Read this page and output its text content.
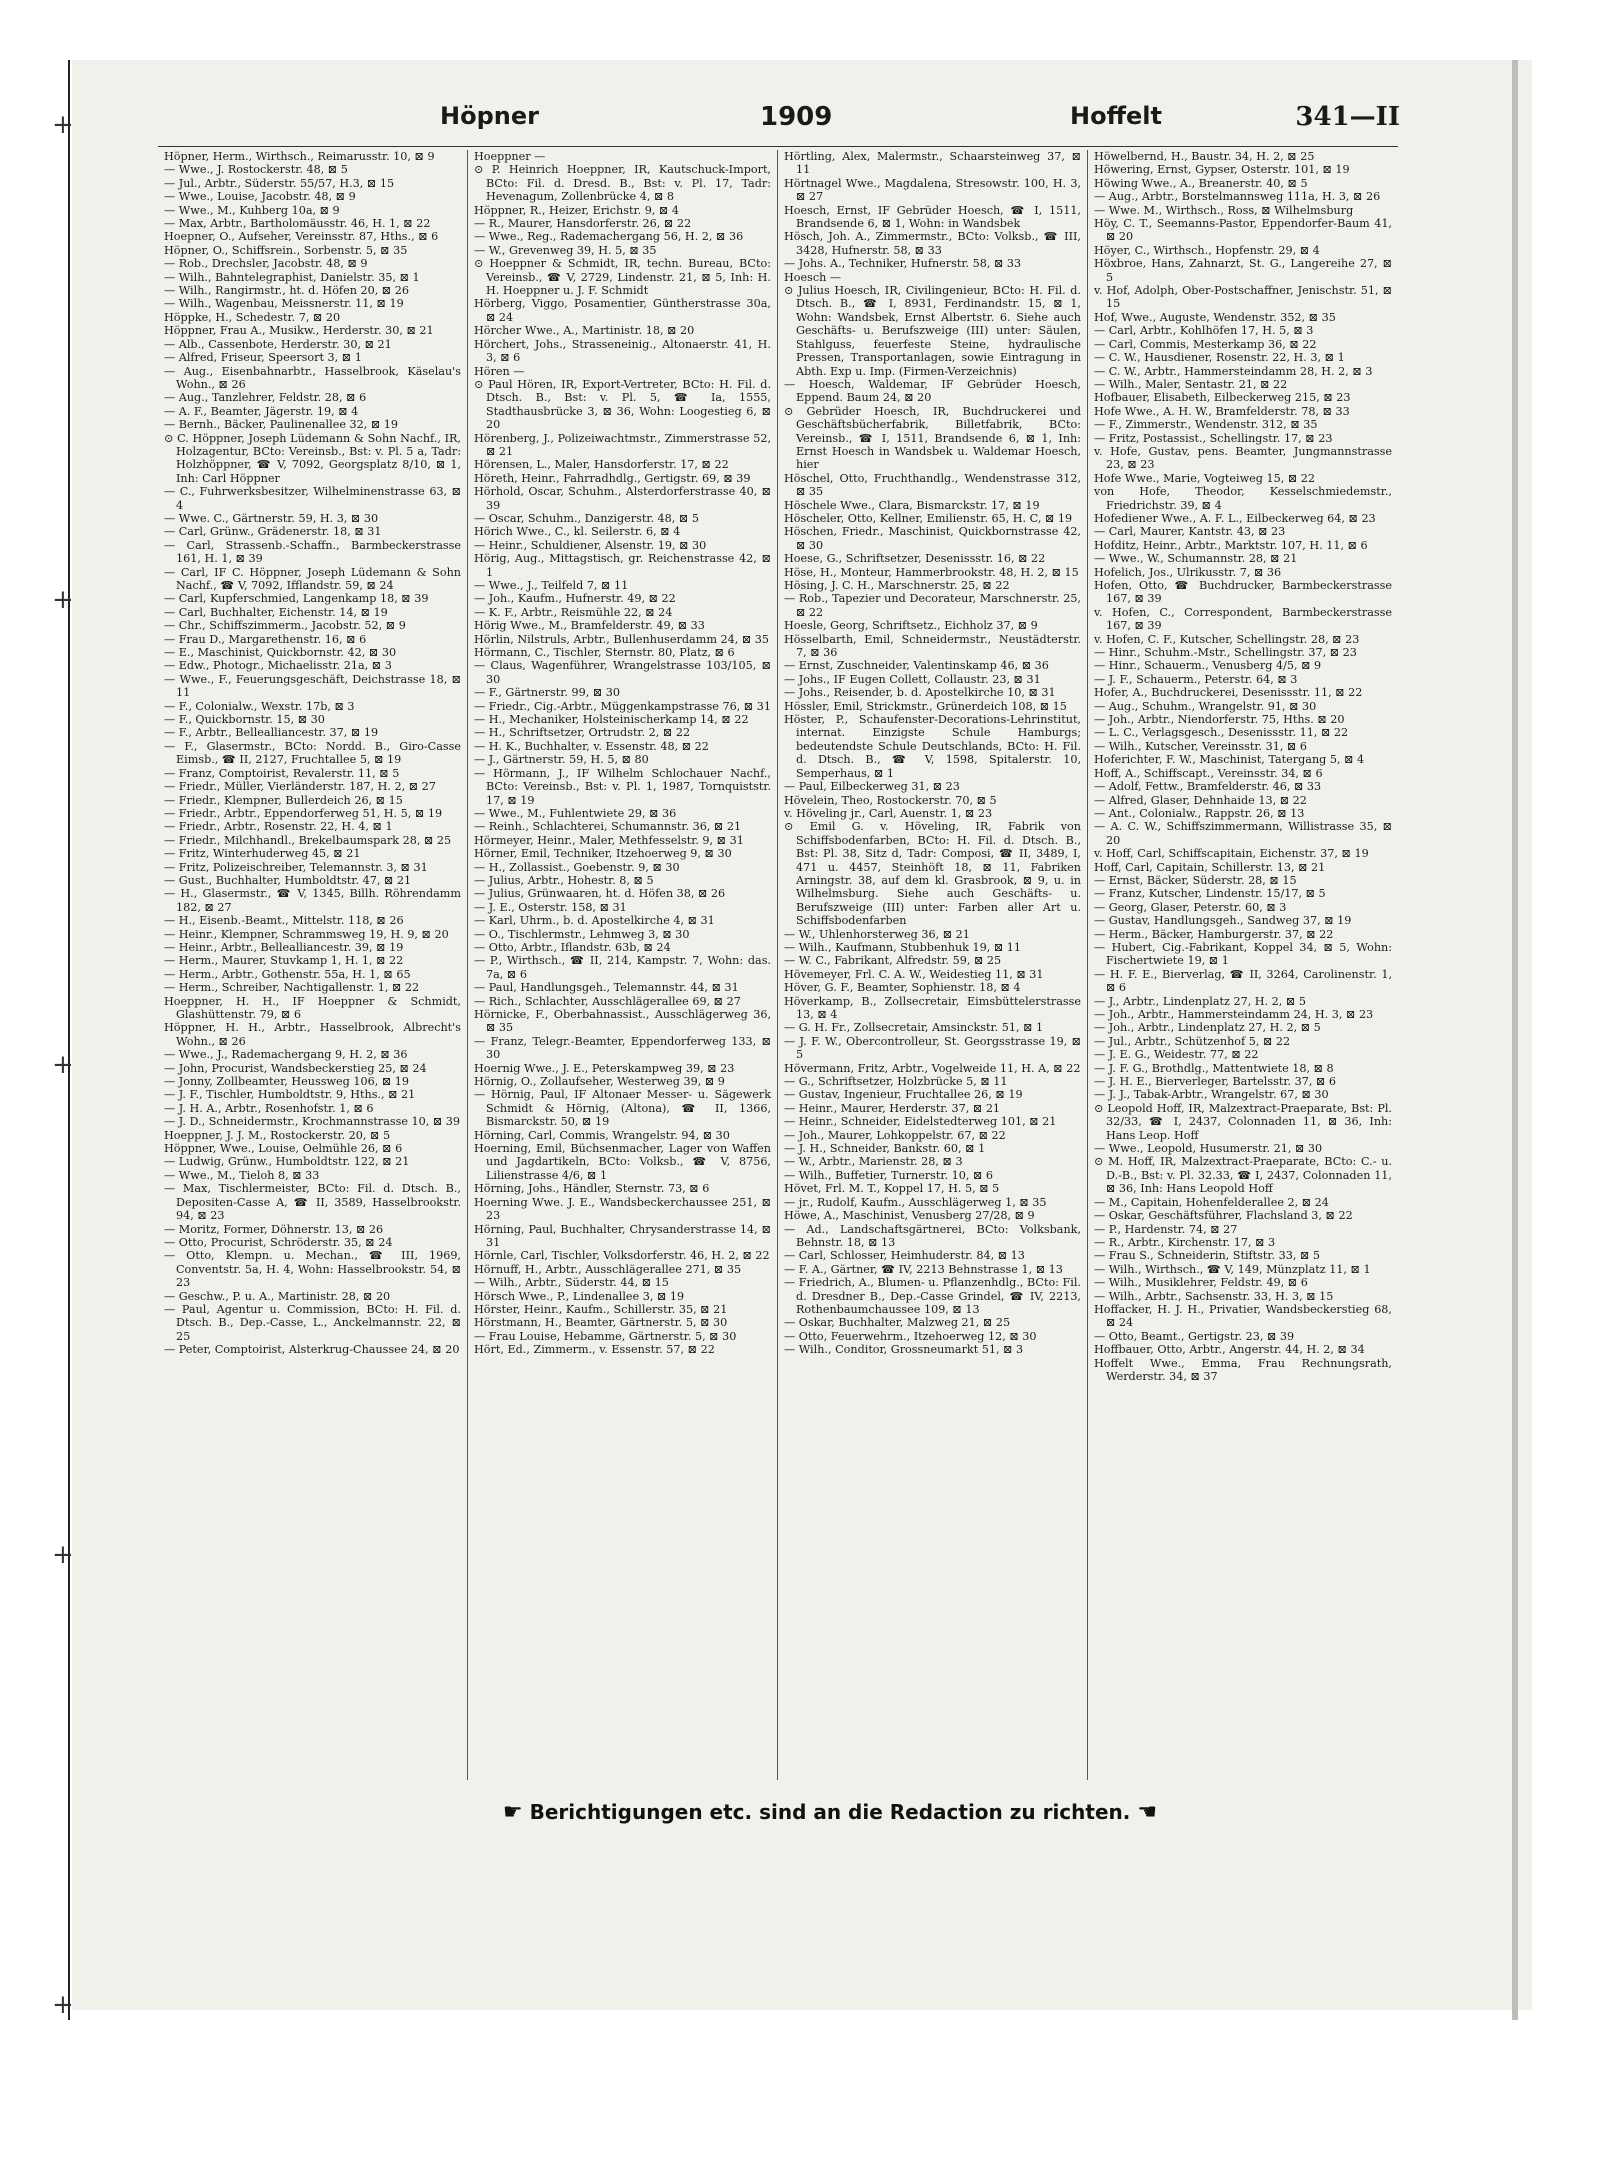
+
+
+
+
+
Höpner	1909	Hoffelt	341—II

Höpner, Herm., Wirthsch., Reimarusstr. 10, ⊠ 9

— Wwe., J. Rostockerstr. 48, ⊠ 5

— Jul., Arbtr., Süderstr. 55/57, H.3, ⊠ 15

— Wwe., Louise, Jacobstr. 48, ⊠ 9

— Wwe., M., Kuhberg 10a, ⊠ 9

— Max, Arbtr., Bartholomäusstr. 46, H. 1, ⊠ 22

Hoepner, O., Aufseher, Vereinsstr. 87, Hths., ⊠ 6

Höpner, O., Schiffsrein., Sorbenstr. 5, ⊠ 35

— Rob., Drechsler, Jacobstr. 48, ⊠ 9

— Wilh., Bahntelegraphist, Danielstr. 35, ⊠ 1

— Wilh., Rangirmstr., ht. d. Höfen 20, ⊠ 26

— Wilh., Wagenbau, Meissnerstr. 11, ⊠ 19

Höppke, H., Schedestr. 7, ⊠ 20

Höppner, Frau A., Musikw., Herderstr. 30, ⊠ 21

— Alb., Cassenbote, Herderstr. 30, ⊠ 21

— Alfred, Friseur, Speersort 3, ⊠ 1

— Aug., Eisenbahnarbtr., Hasselbrook, Käselau's Wohn., ⊠ 26

— Aug., Tanzlehrer, Feldstr. 28, ⊠ 6

— A. F., Beamter, Jägerstr. 19, ⊠ 4

— Bernh., Bäcker, Paulinenallee 32, ⊠ 19

⊙ C. Höppner, Joseph Lüdemann & Sohn Nachf., IR, Holzagentur, BCto: Vereinsb., Bst: v. Pl. 5 a, Tadr: Holzhöppner, ☎ V, 7092, Georgsplatz 8/10, ⊠ 1, Inh: Carl Höppner

— C., Fuhrwerksbesitzer, Wilhelminenstrasse 63, ⊠ 4

— Wwe. C., Gärtnerstr. 59, H. 3, ⊠ 30

— Carl, Grünw., Grädenerstr. 18, ⊠ 31

— Carl, Strassenb.-Schaffn., Barmbeckerstrasse 161, H. 1, ⊠ 39

— Carl, IF C. Höppner, Joseph Lüdemann & Sohn Nachf., ☎ V, 7092, Ifflandstr. 59, ⊠ 24

— Carl, Kupferschmied, Langenkamp 18, ⊠ 39

— Carl, Buchhalter, Eichenstr. 14, ⊠ 19

— Chr., Schiffszimmerm., Jacobstr. 52, ⊠ 9

— Frau D., Margarethenstr. 16, ⊠ 6

— E., Maschinist, Quickbornstr. 42, ⊠ 30

— Edw., Photogr., Michaelisstr. 21a, ⊠ 3

— Wwe., F., Feuerungsgeschäft, Deichstrasse 18, ⊠ 11

— F., Colonialw., Wexstr. 17b, ⊠ 3

— F., Quickbornstr. 15, ⊠ 30

— F., Arbtr., Bellealliancestr. 37, ⊠ 19

— F., Glasermstr., BCto: Nordd. B., Giro-Casse Eimsb., ☎ II, 2127, Fruchtallee 5, ⊠ 19

— Franz, Comptoirist, Revalerstr. 11, ⊠ 5

— Friedr., Müller, Vierländerstr. 187, H. 2, ⊠ 27

— Friedr., Klempner, Bullerdeich 26, ⊠ 15

— Friedr., Arbtr., Eppendorferweg 51, H. 5, ⊠ 19

— Friedr., Arbtr., Rosenstr. 22, H. 4, ⊠ 1

— Friedr., Milchhandl., Brekelbaumspark 28, ⊠ 25

— Fritz, Winterhuderweg 45, ⊠ 21

— Fritz, Polizeischreiber, Telemannstr. 3, ⊠ 31

— Gust., Buchhalter, Humboldtstr. 47, ⊠ 21

— H., Glasermstr., ☎ V, 1345, Billh. Röhrendamm 182, ⊠ 27

— H., Eisenb.-Beamt., Mittelstr. 118, ⊠ 26

— Heinr., Klempner, Schrammsweg 19, H. 9, ⊠ 20

— Heinr., Arbtr., Bellealliancestr. 39, ⊠ 19

— Herm., Maurer, Stuvkamp 1, H. 1, ⊠ 22

— Herm., Arbtr., Gothenstr. 55a, H. 1, ⊠ 65

— Herm., Schreiber, Nachtigallenstr. 1, ⊠ 22

Hoeppner, H. H., IF Hoeppner & Schmidt, Glashüttenstr. 79, ⊠ 6

Höppner, H. H., Arbtr., Hasselbrook, Albrecht's Wohn., ⊠ 26

— Wwe., J., Rademachergang 9, H. 2, ⊠ 36

— John, Procurist, Wandsbeckerstieg 25, ⊠ 24

— Jonny, Zollbeamter, Heussweg 106, ⊠ 19

— J. F., Tischler, Humboldtstr. 9, Hths., ⊠ 21

— J. H. A., Arbtr., Rosenhofstr. 1, ⊠ 6

— J. D., Schneidermstr., Krochmannstrasse 10, ⊠ 39

Hoeppner, J. J. M., Rostockerstr. 20, ⊠ 5

Höppner, Wwe., Louise, Oelmühle 26, ⊠ 6

— Ludwig, Grünw., Humboldtstr. 122, ⊠ 21

— Wwe., M., Tieloh 8, ⊠ 33

— Max, Tischlermeister, BCto: Fil. d. Dtsch. B., Depositen-Casse A, ☎ II, 3589, Hasselbrookstr. 94, ⊠ 23

— Moritz, Former, Döhnerstr. 13, ⊠ 26

— Otto, Procurist, Schröderstr. 35, ⊠ 24

— Otto, Klempn. u. Mechan., ☎ III, 1969, Conventstr. 5a, H. 4, Wohn: Hasselbrookstr. 54, ⊠ 23

— Geschw., P. u. A., Martinistr. 28, ⊠ 20

— Paul, Agentur u. Commission, BCto: H. Fil. d. Dtsch. B., Dep.-Casse, L., Anckelmannstr. 22, ⊠ 25

— Peter, Comptoirist, Alsterkrug-Chaussee 24, ⊠ 20

Hoeppner —

⊙ P. Heinrich Hoeppner, IR, Kautschuck-Import, BCto: Fil. d. Dresd. B., Bst: v. Pl. 17, Tadr: Hevenagum, Zollenbrücke 4, ⊠ 8

Höppner, R., Heizer, Erichstr. 9, ⊠ 4

— R., Maurer, Hansdorferstr. 26, ⊠ 22

— Wwe., Reg., Rademachergang 56, H. 2, ⊠ 36

— W., Grevenweg 39, H. 5, ⊠ 35

⊙ Hoeppner & Schmidt, IR, techn. Bureau, BCto: Vereinsb., ☎ V, 2729, Lindenstr. 21, ⊠ 5, Inh: H. H. Hoeppner u. J. F. Schmidt

Hörberg, Viggo, Posamentier, Güntherstrasse 30a, ⊠ 24

Hörcher Wwe., A., Martinistr. 18, ⊠ 20

Hörchert, Johs., Strasseneinig., Altonaerstr. 41, H. 3, ⊠ 6

Hören —

⊙ Paul Hören, IR, Export-Vertreter, BCto: H. Fil. d. Dtsch. B., Bst: v. Pl. 5, ☎ Ia, 1555, Stadthausbrücke 3, ⊠ 36, Wohn: Loogestieg 6, ⊠ 20

Hörenberg, J., Polizeiwachtmstr., Zimmerstrasse 52, ⊠ 21

Hörensen, L., Maler, Hansdorferstr. 17, ⊠ 22

Höreth, Heinr., Fahrradhdlg., Gertigstr. 69, ⊠ 39

Hörhold, Oscar, Schuhm., Alsterdorferstrasse 40, ⊠ 39

— Oscar, Schuhm., Danzigerstr. 48, ⊠ 5

Hörich Wwe., C., kl. Seilerstr. 6, ⊠ 4

— Heinr., Schuldiener, Alsenstr. 19, ⊠ 30

Hörig, Aug., Mittagstisch, gr. Reichenstrasse 42, ⊠ 1

— Wwe., J., Teilfeld 7, ⊠ 11

— Joh., Kaufm., Hufnerstr. 49, ⊠ 22

— K. F., Arbtr., Reismühle 22, ⊠ 24

Hörig Wwe., M., Bramfelderstr. 49, ⊠ 33

Hörlin, Nilstruls, Arbtr., Bullenhuserdamm 24, ⊠ 35

Hörmann, C., Tischler, Sternstr. 80, Platz, ⊠ 6

— Claus, Wagenführer, Wrangelstrasse 103/105, ⊠ 30

— F., Gärtnerstr. 99, ⊠ 30

— Friedr., Cig.-Arbtr., Müggenkampstrasse 76, ⊠ 31

— H., Mechaniker, Holsteinischerkamp 14, ⊠ 22

— H., Schriftsetzer, Ortrudstr. 2, ⊠ 22

— H. K., Buchhalter, v. Essenstr. 48, ⊠ 22

— J., Gärtnerstr. 59, H. 5, ⊠ 80

— Hörmann, J., IF Wilhelm Schlochauer Nachf., BCto: Vereinsb., Bst: v. Pl. 1, 1987, Tornquiststr. 17, ⊠ 19

— Wwe., M., Fuhlentwiete 29, ⊠ 36

— Reinh., Schlachterei, Schumannstr. 36, ⊠ 21

Hörmeyer, Heinr., Maler, Methfesselstr. 9, ⊠ 31

Hörner, Emil, Techniker, Itzehoerweg 9, ⊠ 30

— H., Zollassist., Goebenstr. 9, ⊠ 30

— Julius, Arbtr., Hohestr. 8, ⊠ 5

— Julius, Grünwaaren, ht. d. Höfen 38, ⊠ 26

— J. E., Osterstr. 158, ⊠ 31

— Karl, Uhrm., b. d. Apostelkirche 4, ⊠ 31

— O., Tischlermstr., Lehmweg 3, ⊠ 30

— Otto, Arbtr., Iflandstr. 63b, ⊠ 24

— P., Wirthsch., ☎ II, 214, Kampstr. 7, Wohn: das. 7a, ⊠ 6

— Paul, Handlungsgeh., Telemannstr. 44, ⊠ 31

— Rich., Schlachter, Ausschlägerallee 69, ⊠ 27

Hörnicke, F., Oberbahnassist., Ausschlägerweg 36, ⊠ 35

— Franz, Telegr.-Beamter, Eppendorferweg 133, ⊠ 30

Hoernig Wwe., J. E., Peterskampweg 39, ⊠ 23

Hörnig, O., Zollaufseher, Westerweg 39, ⊠ 9

— Hörnig, Paul, IF Altonaer Messer- u. Sägewerk Schmidt & Hörnig, (Altona), ☎ II, 1366, Bismarckstr. 50, ⊠ 19

Hörning, Carl, Commis, Wrangelstr. 94, ⊠ 30

Hoerning, Emil, Büchsenmacher, Lager von Waffen und Jagdartikeln, BCto: Volksb., ☎ V, 8756, Lilienstrasse 4/6, ⊠ 1

Hörning, Johs., Händler, Sternstr. 73, ⊠ 6

Hoerning Wwe. J. E., Wandsbeckerchaussee 251, ⊠ 23

Hörning, Paul, Buchhalter, Chrysanderstrasse 14, ⊠ 31

Hörnle, Carl, Tischler, Volksdorferstr. 46, H. 2, ⊠ 22

Hörnuff, H., Arbtr., Ausschlägerallee 271, ⊠ 35

— Wilh., Arbtr., Süderstr. 44, ⊠ 15

Hörsch Wwe., P., Lindenallee 3, ⊠ 19

Hörster, Heinr., Kaufm., Schillerstr. 35, ⊠ 21

Hörstmann, H., Beamter, Gärtnerstr. 5, ⊠ 30

— Frau Louise, Hebamme, Gärtnerstr. 5, ⊠ 30

Hört, Ed., Zimmerm., v. Essenstr. 57, ⊠ 22

Hörtling, Alex, Malermstr., Schaarsteinweg 37, ⊠ 11

Hörtnagel Wwe., Magdalena, Stresowstr. 100, H. 3, ⊠ 27

Hoesch, Ernst, IF Gebrüder Hoesch, ☎ I, 1511, Brandsende 6, ⊠ 1, Wohn: in Wandsbek

Hösch, Joh. A., Zimmermstr., BCto: Volksb., ☎ III, 3428, Hufnerstr. 58, ⊠ 33

— Johs. A., Techniker, Hufnerstr. 58, ⊠ 33

Hoesch —

⊙ Julius Hoesch, IR, Civilingenieur, BCto: H. Fil. d. Dtsch. B., ☎ I, 8931, Ferdinandstr. 15, ⊠ 1, Wohn: Wandsbek, Ernst Albertstr. 6. Siehe auch Geschäfts- u. Berufszweige (III) unter: Säulen, Stahlguss, feuerfeste Steine, hydraulische Pressen, Transportanlagen, sowie Eintragung in Abth. Exp u. Imp. (Firmen-Verzeichnis)

— Hoesch, Waldemar, IF Gebrüder Hoesch, Eppend. Baum 24, ⊠ 20

⊙ Gebrüder Hoesch, IR, Buchdruckerei und Geschäftsbücherfabrik, Billetfabrik, BCto: Vereinsb., ☎ I, 1511, Brandsende 6, ⊠ 1, Inh: Ernst Hoesch in Wandsbek u. Waldemar Hoesch, hier

Höschel, Otto, Fruchthandlg., Wendenstrasse 312, ⊠ 35

Höschele Wwe., Clara, Bismarckstr. 17, ⊠ 19

Höscheler, Otto, Kellner, Emilienstr. 65, H. C, ⊠ 19

Höschen, Friedr., Maschinist, Quickbornstrasse 42, ⊠ 30

Hoese, G., Schriftsetzer, Desenissstr. 16, ⊠ 22

Höse, H., Monteur, Hammerbrookstr. 48, H. 2, ⊠ 15

Hösing, J. C. H., Marschnerstr. 25, ⊠ 22

— Rob., Tapezier und Decorateur, Marschnerstr. 25, ⊠ 22

Hoesle, Georg, Schriftsetz., Eichholz 37, ⊠ 9

Hösselbarth, Emil, Schneidermstr., Neustädterstr. 7, ⊠ 36

— Ernst, Zuschneider, Valentinskamp 46, ⊠ 36

— Johs., IF Eugen Collett, Collaustr. 23, ⊠ 31

— Johs., Reisender, b. d. Apostelkirche 10, ⊠ 31

Hössler, Emil, Strickmstr., Grünerdeich 108, ⊠ 15

Höster, P., Schaufenster-Decorations-Lehrinstitut, internat. Einzigste Schule Hamburgs; bedeutendste Schule Deutschlands, BCto: H. Fil. d. Dtsch. B., ☎ V, 1598, Spitalerstr. 10, Semperhaus, ⊠ 1

— Paul, Eilbeckerweg 31, ⊠ 23

Hövelein, Theo, Rostockerstr. 70, ⊠ 5

v. Höveling jr., Carl, Auenstr. 1, ⊠ 23

⊙ Emil G. v. Höveling, IR, Fabrik von Schiffsbodenfarben, BCto: H. Fil. d. Dtsch. B., Bst: Pl. 38, Sitz d, Tadr: Composi, ☎ II, 3489, I, 471 u. 4457, Steinhöft 18, ⊠ 11, Fabriken Arningstr. 38, auf dem kl. Grasbrook, ⊠ 9, u. in Wilhelmsburg. Siehe auch Geschäfts- u. Berufszweige (III) unter: Farben aller Art u. Schiffsbodenfarben

— W., Uhlenhorsterweg 36, ⊠ 21

— Wilh., Kaufmann, Stubbenhuk 19, ⊠ 11

— W. C., Fabrikant, Alfredstr. 59, ⊠ 25

Hövemeyer, Frl. C. A. W., Weidestieg 11, ⊠ 31

Höver, G. F., Beamter, Sophienstr. 18, ⊠ 4

Höverkamp, B., Zollsecretair, Eimsbüttelerstrasse 13, ⊠ 4

— G. H. Fr., Zollsecretair, Amsinckstr. 51, ⊠ 1

— J. F. W., Obercontrolleur, St. Georgsstrasse 19, ⊠ 5

Hövermann, Fritz, Arbtr., Vogelweide 11, H. A, ⊠ 22

— G., Schriftsetzer, Holzbrücke 5, ⊠ 11

— Gustav, Ingenieur, Fruchtallee 26, ⊠ 19

— Heinr., Maurer, Herderstr. 37, ⊠ 21

— Heinr., Schneider, Eidelstedterweg 101, ⊠ 21

— Joh., Maurer, Lohkoppelstr. 67, ⊠ 22

— J. H., Schneider, Bankstr. 60, ⊠ 1

— W., Arbtr., Marienstr. 28, ⊠ 3

— Wilh., Buffetier, Turnerstr. 10, ⊠ 6

Hövet, Frl. M. T., Koppel 17, H. 5, ⊠ 5

— jr., Rudolf, Kaufm., Ausschlägerweg 1, ⊠ 35

Höwe, A., Maschinist, Venusberg 27/28, ⊠ 9

— Ad., Landschaftsgärtnerei, BCto: Volksbank, Behnstr. 18, ⊠ 13

— Carl, Schlosser, Heimhuderstr. 84, ⊠ 13

— F. A., Gärtner, ☎ IV, 2213 Behnstrasse 1, ⊠ 13

— Friedrich, A., Blumen- u. Pflanzenhdlg., BCto: Fil. d. Dresdner B., Dep.-Casse Grindel, ☎ IV, 2213, Rothenbaumchaussee 109, ⊠ 13

— Oskar, Buchhalter, Malzweg 21, ⊠ 25

— Otto, Feuerwehrm., Itzehoerweg 12, ⊠ 30

— Wilh., Conditor, Grossneumarkt 51, ⊠ 3

Höwelbernd, H., Baustr. 34, H. 2, ⊠ 25

Höwering, Ernst, Gypser, Osterstr. 101, ⊠ 19

Höwing Wwe., A., Breanerstr. 40, ⊠ 5

— Aug., Arbtr., Borstelmannsweg 111a, H. 3, ⊠ 26

— Wwe. M., Wirthsch., Ross, ⊠ Wilhelmsburg

Höy, C. T., Seemanns-Pastor, Eppendorfer-Baum 41, ⊠ 20

Höyer, C., Wirthsch., Hopfenstr. 29, ⊠ 4

Höxbroe, Hans, Zahnarzt, St. G., Langereihe 27, ⊠ 5

v. Hof, Adolph, Ober-Postschaffner, Jenischstr. 51, ⊠ 15

Hof, Wwe., Auguste, Wendenstr. 352, ⊠ 35

— Carl, Arbtr., Kohlhöfen 17, H. 5, ⊠ 3

— Carl, Commis, Mesterkamp 36, ⊠ 22

— C. W., Hausdiener, Rosenstr. 22, H. 3, ⊠ 1

— C. W., Arbtr., Hammersteindamm 28, H. 2, ⊠ 3

— Wilh., Maler, Sentastr. 21, ⊠ 22

Hofbauer, Elisabeth, Eilbeckerweg 215, ⊠ 23

Hofe Wwe., A. H. W., Bramfelderstr. 78, ⊠ 33

— F., Zimmerstr., Wendenstr. 312, ⊠ 35

— Fritz, Postassist., Schellingstr. 17, ⊠ 23

v. Hofe, Gustav, pens. Beamter, Jungmannstrasse 23, ⊠ 23

Hofe Wwe., Marie, Vogteiweg 15, ⊠ 22

von Hofe, Theodor, Kesselschmiedemstr., Friedrichstr. 39, ⊠ 4

Hofediener Wwe., A. F. L., Eilbeckerweg 64, ⊠ 23

— Carl, Maurer, Kantstr. 43, ⊠ 23

Hofditz, Heinr., Arbtr., Marktstr. 107, H. 11, ⊠ 6

— Wwe., W., Schumannstr. 28, ⊠ 21

Hofelich, Jos., Ulrikusstr. 7, ⊠ 36

Hofen, Otto, ☎ Buchdrucker, Barmbeckerstrasse 167, ⊠ 39

v. Hofen, C., Correspondent, Barmbeckerstrasse 167, ⊠ 39

v. Hofen, C. F., Kutscher, Schellingstr. 28, ⊠ 23

— Hinr., Schuhm.-Mstr., Schellingstr. 37, ⊠ 23

— Hinr., Schauerm., Venusberg 4/5, ⊠ 9

— J. F., Schauerm., Peterstr. 64, ⊠ 3

Hofer, A., Buchdruckerei, Desenissstr. 11, ⊠ 22

— Aug., Schuhm., Wrangelstr. 91, ⊠ 30

— Joh., Arbtr., Niendorferstr. 75, Hths. ⊠ 20

— L. C., Verlagsgesch., Desenissstr. 11, ⊠ 22

— Wilh., Kutscher, Vereinsstr. 31, ⊠ 6

Hoferichter, F. W., Maschinist, Tatergang 5, ⊠ 4

Hoff, A., Schiffscapt., Vereinsstr. 34, ⊠ 6

— Adolf, Fettw., Bramfelderstr. 46, ⊠ 33

— Alfred, Glaser, Dehnhaide 13, ⊠ 22

— Ant., Colonialw., Rappstr. 26, ⊠ 13

— A. C. W., Schiffszimmermann, Willistrasse 35, ⊠ 20

v. Hoff, Carl, Schiffscapitain, Eichenstr. 37, ⊠ 19

Hoff, Carl, Capitain, Schillerstr. 13, ⊠ 21

— Ernst, Bäcker, Süderstr. 28, ⊠ 15

— Franz, Kutscher, Lindenstr. 15/17, ⊠ 5

— Georg, Glaser, Peterstr. 60, ⊠ 3

— Gustav, Handlungsgeh., Sandweg 37, ⊠ 19

— Herm., Bäcker, Hamburgerstr. 37, ⊠ 22

— Hubert, Cig.-Fabrikant, Koppel 34, ⊠ 5, Wohn: Fischertwiete 19, ⊠ 1

— H. F. E., Bierverlag, ☎ II, 3264, Carolinenstr. 1, ⊠ 6

— J., Arbtr., Lindenplatz 27, H. 2, ⊠ 5

— Joh., Arbtr., Hammersteindamm 24, H. 3, ⊠ 23

— Joh., Arbtr., Lindenplatz 27, H. 2, ⊠ 5

— Jul., Arbtr., Schützenhof 5, ⊠ 22

— J. E. G., Weidestr. 77, ⊠ 22

— J. F. G., Brothdlg., Mattentwiete 18, ⊠ 8

— J. H. E., Bierverleger, Bartelsstr. 37, ⊠ 6

— J. J., Tabak-Arbtr., Wrangelstr. 67, ⊠ 30

⊙ Leopold Hoff, IR, Malzextract-Praeparate, Bst: Pl. 32/33, ☎ I, 2437, Colonnaden 11, ⊠ 36, Inh: Hans Leop. Hoff

— Wwe., Leopold, Husumerstr. 21, ⊠ 30

⊙ M. Hoff, IR, Malzextract-Praeparate, BCto: C.- u. D.-B., Bst: v. Pl. 32.33, ☎ I, 2437, Colonnaden 11, ⊠ 36, Inh: Hans Leopold Hoff

— M., Capitain, Hohenfelderallee 2, ⊠ 24

— Oskar, Geschäftsführer, Flachsland 3, ⊠ 22

— P., Hardenstr. 74, ⊠ 27

— R., Arbtr., Kirchenstr. 17, ⊠ 3

— Frau S., Schneiderin, Stiftstr. 33, ⊠ 5

— Wilh., Wirthsch., ☎ V, 149, Münzplatz 11, ⊠ 1

— Wilh., Musiklehrer, Feldstr. 49, ⊠ 6

— Wilh., Arbtr., Sachsenstr. 33, H. 3, ⊠ 15

Hoffacker, H. J. H., Privatier, Wandsbeckerstieg 68, ⊠ 24

— Otto, Beamt., Gertigstr. 23, ⊠ 39

Hoffbauer, Otto, Arbtr., Angerstr. 44, H. 2, ⊠ 34

Hoffelt Wwe., Emma, Frau Rechnungsrath, Werderstr. 34, ⊠ 37

☛ Berichtigungen etc. sind an die Redaction zu richten. ☚
